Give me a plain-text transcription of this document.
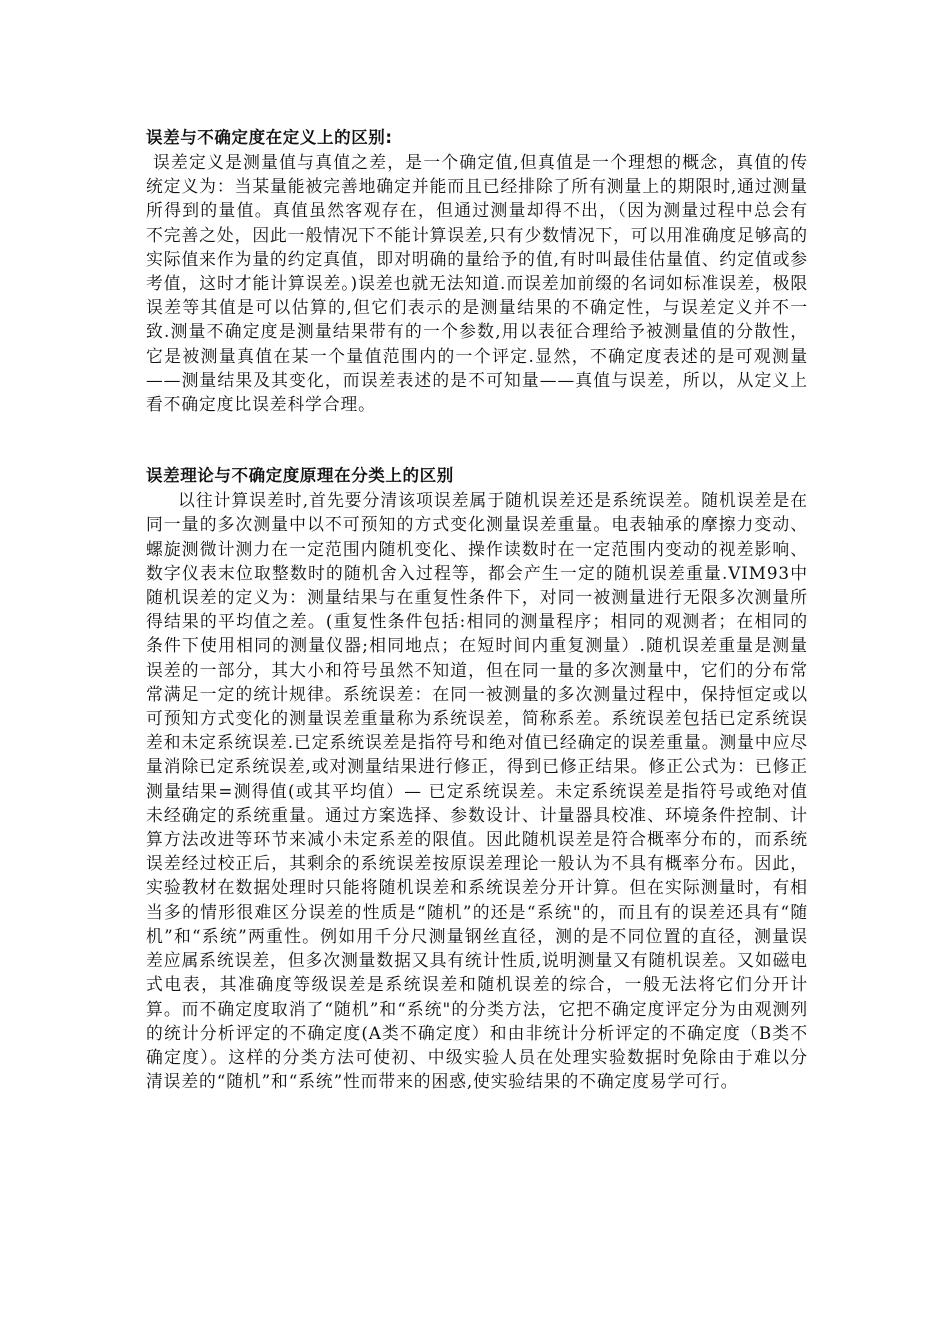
误差与不确定度在定义上的区别:

误差定义是测量值与真值之差，是一个确定值,但真值是一个理想的概念，真值的传统定义为：当某量能被完善地确定并能而且已经排除了所有测量上的期限时,通过测量所得到的量值。真值虽然客观存在，但通过测量却得不出，（因为测量过程中总会有不完善之处，因此一般情况下不能计算误差,只有少数情况下，可以用准确度足够高的实际值来作为量的约定真值，即对明确的量给予的值,有时叫最佳估量值、约定值或参考值，这时才能计算误差。)误差也就无法知道.而误差加前缀的名词如标准误差，极限误差等其值是可以估算的,但它们表示的是测量结果的不确定性，与误差定义并不一致.测量不确定度是测量结果带有的一个参数,用以表征合理给予被测量值的分散性，它是被测量真值在某一个量值范围内的一个评定.显然，不确定度表述的是可观测量——测量结果及其变化，而误差表述的是不可知量——真值与误差，所以，从定义上看不确定度比误差科学合理。

误差理论与不确定度原理在分类上的区别

以往计算误差时,首先要分清该项误差属于随机误差还是系统误差。随机误差是在同一量的多次测量中以不可预知的方式变化测量误差重量。电表轴承的摩擦力变动、螺旋测微计测力在一定范围内随机变化、操作读数时在一定范围内变动的视差影响、数字仪表末位取整数时的随机舍入过程等，都会产生一定的随机误差重量.VIM93中随机误差的定义为：测量结果与在重复性条件下，对同一被测量进行无限多次测量所得结果的平均值之差。(重复性条件包括:相同的测量程序；相同的观测者；在相同的条件下使用相同的测量仪器;相同地点；在短时间内重复测量）.随机误差重量是测量误差的一部分，其大小和符号虽然不知道，但在同一量的多次测量中，它们的分布常常满足一定的统计规律。系统误差：在同一被测量的多次测量过程中，保持恒定或以可预知方式变化的测量误差重量称为系统误差，简称系差。系统误差包括已定系统误差和未定系统误差.已定系统误差是指符号和绝对值已经确定的误差重量。测量中应尽量消除已定系统误差,或对测量结果进行修正，得到已修正结果。修正公式为：已修正测量结果=测得值(或其平均值）— 已定系统误差。未定系统误差是指符号或绝对值未经确定的系统重量。通过方案选择、参数设计、计量器具校准、环境条件控制、计算方法改进等环节来减小未定系差的限值。因此随机误差是符合概率分布的，而系统误差经过校正后，其剩余的系统误差按原误差理论一般认为不具有概率分布。因此，实验教材在数据处理时只能将随机误差和系统误差分开计算。但在实际测量时，有相当多的情形很难区分误差的性质是“随机”的还是“系统"的，而且有的误差还具有“随机”和“系统”两重性。例如用千分尺测量钢丝直径，测的是不同位置的直径，测量误差应属系统误差，但多次测量数据又具有统计性质,说明测量又有随机误差。又如磁电式电表，其准确度等级误差是系统误差和随机误差的综合，一般无法将它们分开计算。而不确定度取消了“随机”和“系统"的分类方法，它把不确定度评定分为由观测列的统计分析评定的不确定度(A类不确定度）和由非统计分析评定的不确定度（B类不确定度）。这样的分类方法可使初、中级实验人员在处理实验数据时免除由于难以分清误差的“随机”和“系统”性而带来的困惑,使实验结果的不确定度易学可行。
